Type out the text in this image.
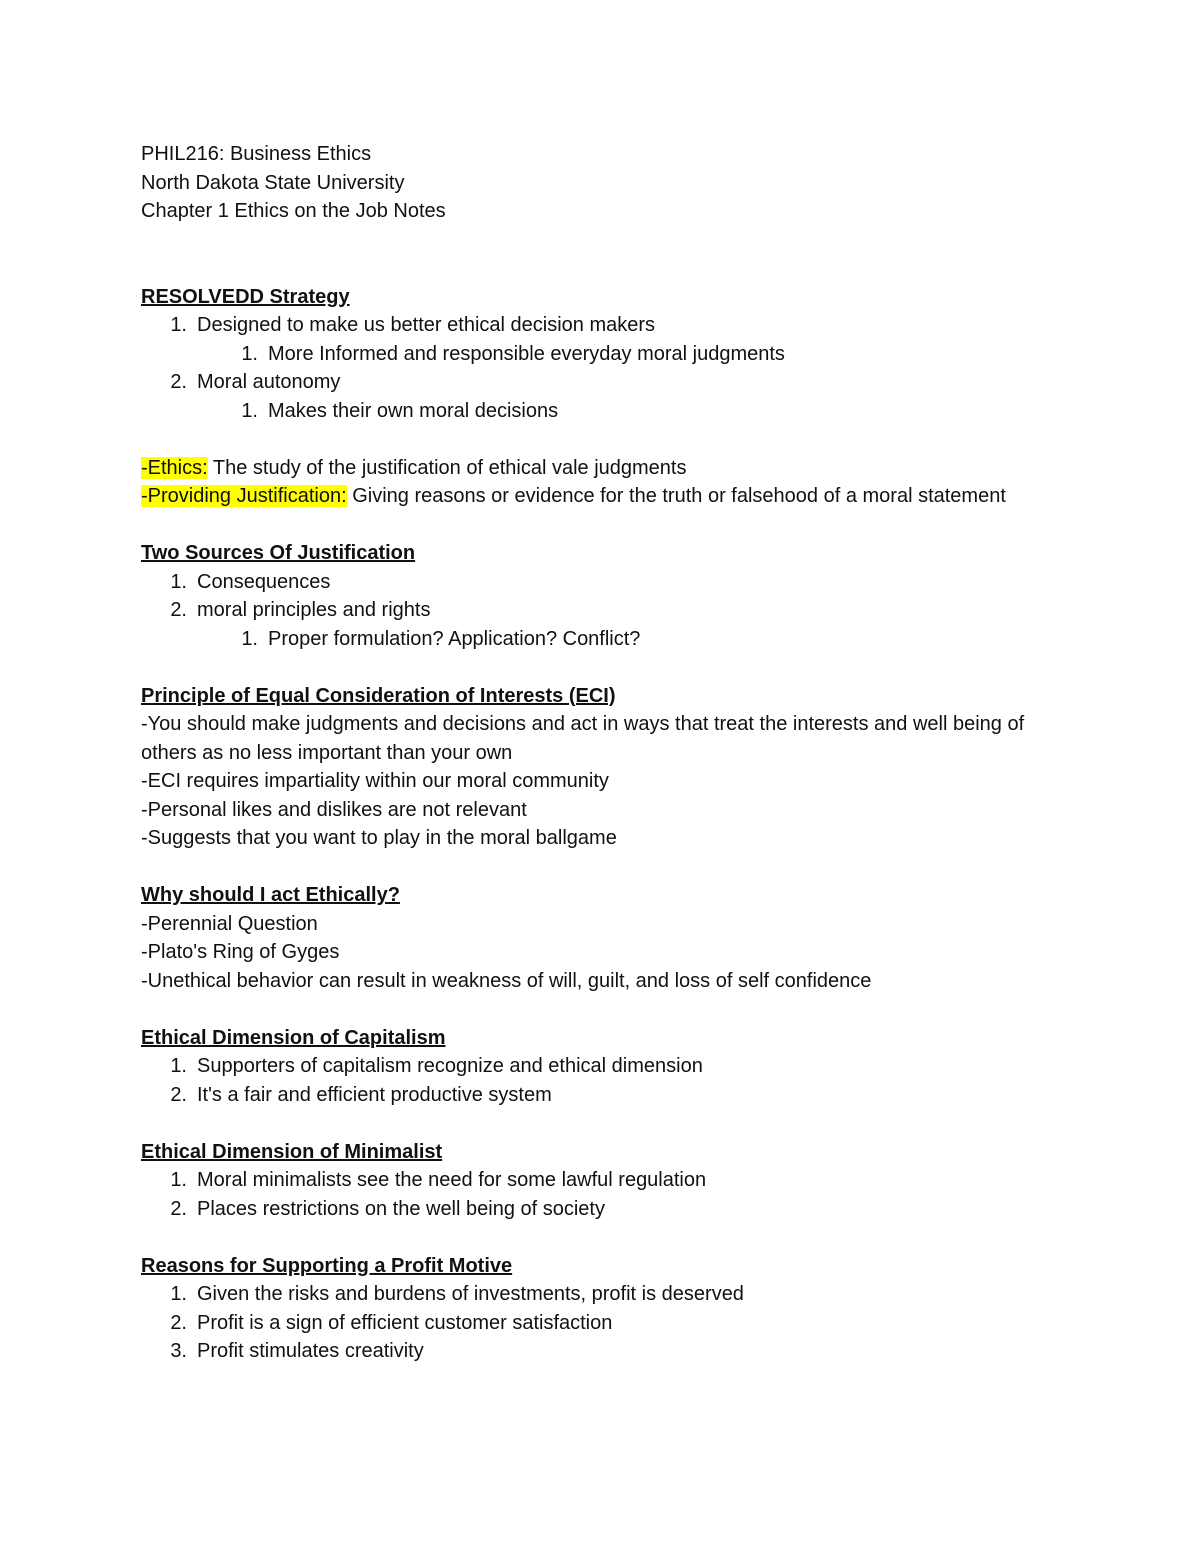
PHIL216: Business Ethics
North Dakota State University
Chapter 1 Ethics on the Job Notes
RESOLVEDD Strategy
1. Designed to make us better ethical decision makers
1. More Informed and responsible everyday moral judgments
2. Moral autonomy
1. Makes their own moral decisions
-Ethics: The study of the justification of ethical vale judgments
-Providing Justification: Giving reasons or evidence for the truth or falsehood of a moral statement
Two Sources Of Justification
1. Consequences
2. moral principles and rights
1. Proper formulation? Application? Conflict?
Principle of Equal Consideration of Interests (ECI)
-You should make judgments and decisions and act in ways that treat the interests and well being of others as no less important than your own
-ECI requires impartiality within our moral community
-Personal likes and dislikes are not relevant
-Suggests that you want to play in the moral ballgame
Why should I act Ethically?
-Perennial Question
-Plato's Ring of Gyges
-Unethical behavior can result in weakness of will, guilt, and loss of self confidence
Ethical Dimension of Capitalism
1. Supporters of capitalism recognize and ethical dimension
2. It's a fair and efficient productive system
Ethical Dimension of Minimalist
1. Moral minimalists see the need for some lawful regulation
2. Places restrictions on the well being of society
Reasons for Supporting a Profit Motive
1. Given the risks and burdens of investments, profit is deserved
2. Profit is a sign of efficient customer satisfaction
3. Profit stimulates creativity
